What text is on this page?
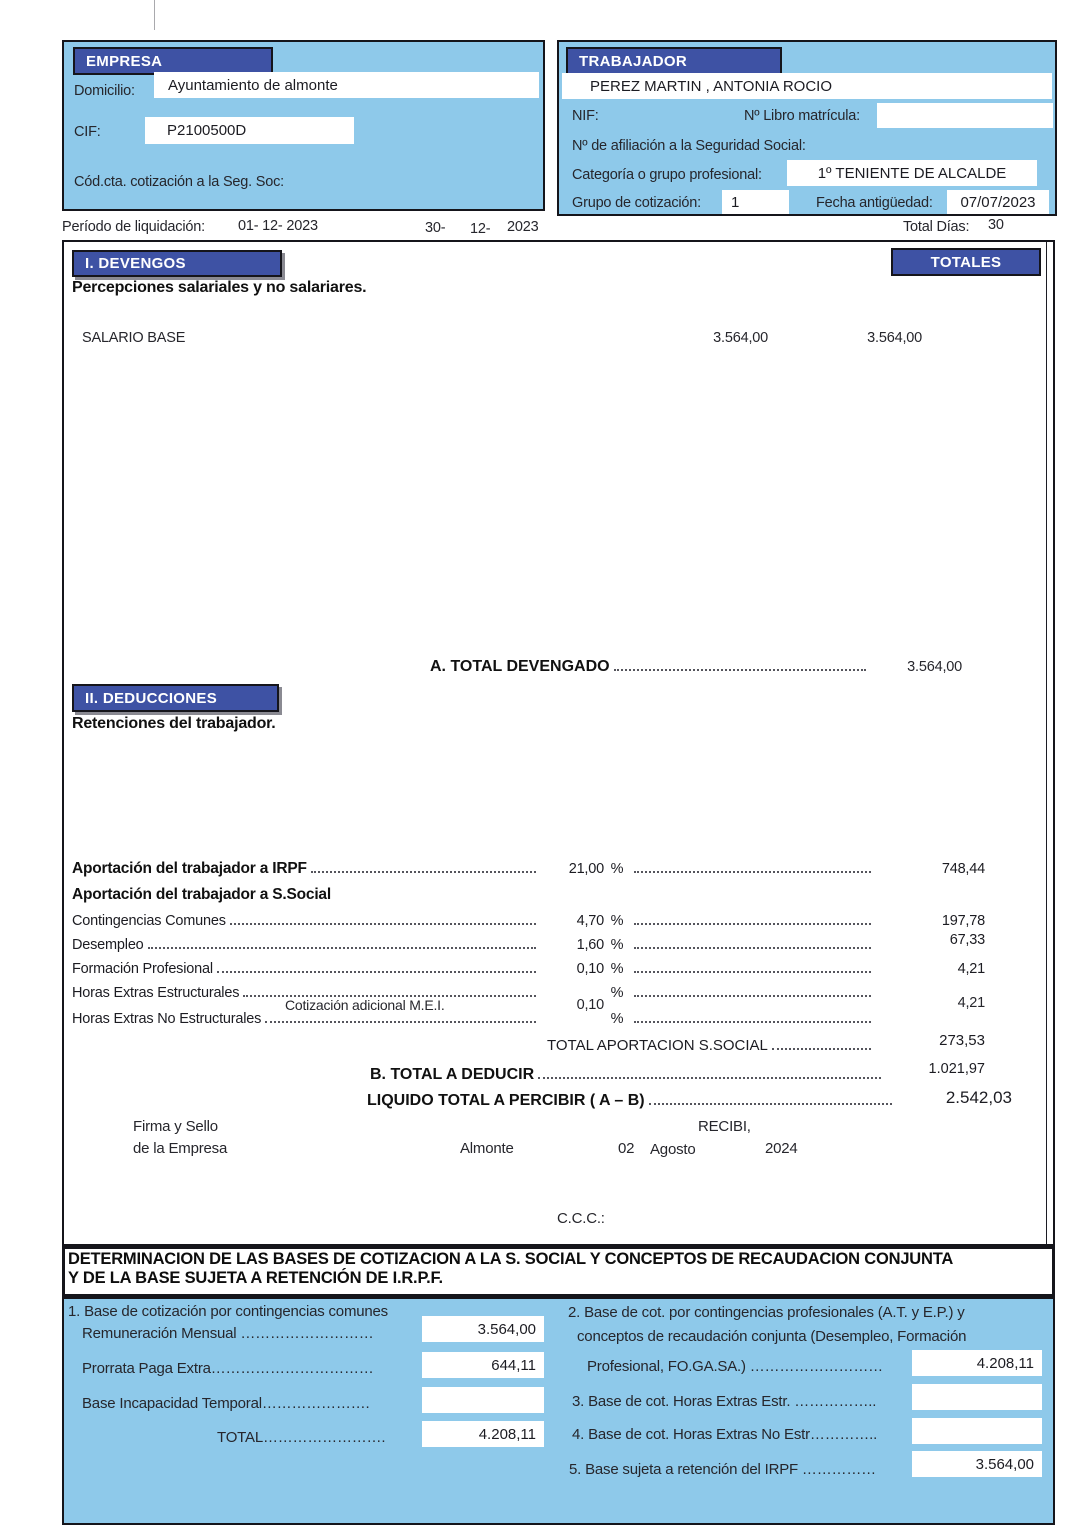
EMPRESA
Domicilio: Ayuntamiento de almonte
CIF:	P2100500D
Cód.cta. cotización a la Seg. Soc:
TRABAJADOR
PEREZ MARTIN , ANTONIA ROCIO
NIF:	Nº Libro matrícula:
Nº de afiliación a la Seguridad Social:
Categoría o grupo profesional:	1º TENIENTE DE ALCALDE
Grupo de cotización: 1	Fecha antigüedad: 07/07/2023
Período de liquidación: 01- 12- 2023	30- 12- 2023	Total Días: 30
I. DEVENGOS	TOTALES
Percepciones salariales y no salariares.
SALARIO BASE	3.564,00	3.564,00
A. TOTAL DEVENGADO	3.564,00
II. DEDUCCIONES
Retenciones del trabajador.
Aportación del trabajador a IRPF	21,00 %	748,44
Aportación del trabajador a S.Social
Contingencias Comunes	4,70 %	197,78
Desempleo	1,60 %	67,33
Formación Profesional	0,10 %	4,21
Horas Extras Estructurales	%
Cotización adicional M.E.I.	0,10	4,21
Horas Extras No Estructurales	%
TOTAL APORTACION S.SOCIAL	273,53
B. TOTAL A DEDUCIR	1.021,97
LIQUIDO TOTAL A PERCIBIR ( A – B)	2.542,03
Firma y Sello
de la Empresa
RECIBI,
Almonte	02 Agosto	2024
C.C.C.:
DETERMINACION DE LAS BASES DE COTIZACION A LA S. SOCIAL Y CONCEPTOS DE RECAUDACION CONJUNTA
Y DE LA BASE SUJETA A RETENCIÓN DE I.R.P.F.
1. Base de cotización por contingencias comunes
Remuneración Mensual ………………………	3.564,00
Prorrata Paga Extra……………………………	644,11
Base Incapacidad Temporal………………….
TOTAL…………………….	4.208,11
2. Base de cot. por contingencias profesionales (A.T. y E.P.) y
conceptos de recaudación conjunta (Desempleo, Formación
Profesional, FO.GA.SA.) ………………………	4.208,11
3. Base de cot. Horas Extras Estr. ……………..
4. Base de cot. Horas Extras No Estr…………..
5. Base sujeta a retención del IRPF ……………	3.564,00
